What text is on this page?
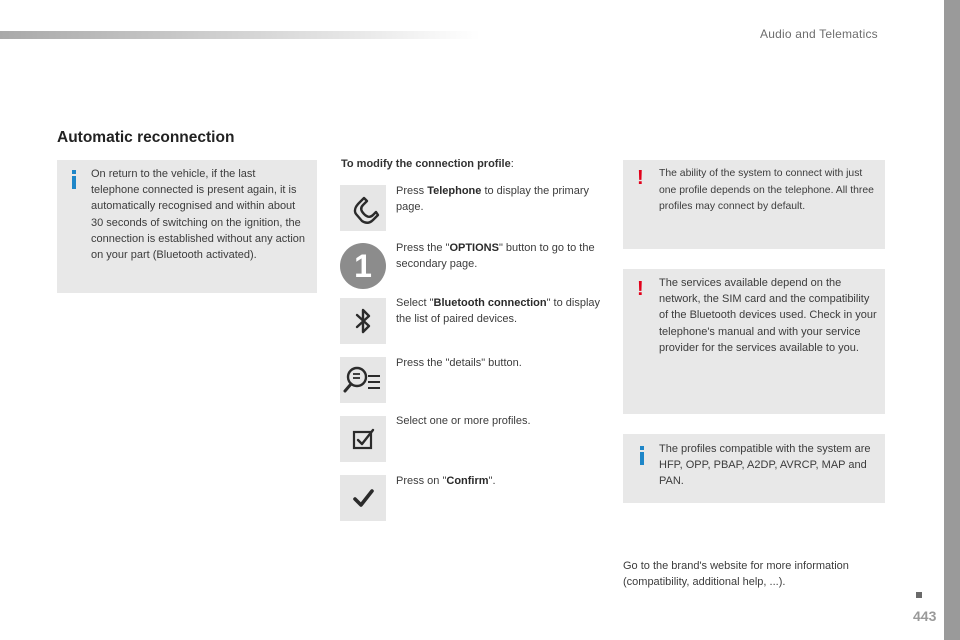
Audio and Telematics
Automatic reconnection
On return to the vehicle, if the last telephone connected is present again, it is automatically recognised and within about 30 seconds of switching on the ignition, the connection is established without any action on your part (Bluetooth activated).
To modify the connection profile:
Press Telephone to display the primary page.
1	Press the "OPTIONS" button to go to the secondary page.
Select "Bluetooth connection" to display the list of paired devices.
Press the "details" button.
Select one or more profiles.
Press on "Confirm".
! The ability of the system to connect with just one profile depends on the telephone. All three profiles may connect by default.
! The services available depend on the network, the SIM card and the compatibility of the Bluetooth devices used. Check in your telephone's manual and with your service provider for the services available to you.
The profiles compatible with the system are HFP, OPP, PBAP, A2DP, AVRCP, MAP and PAN.
Go to the brand's website for more information (compatibility, additional help, ...).
443
